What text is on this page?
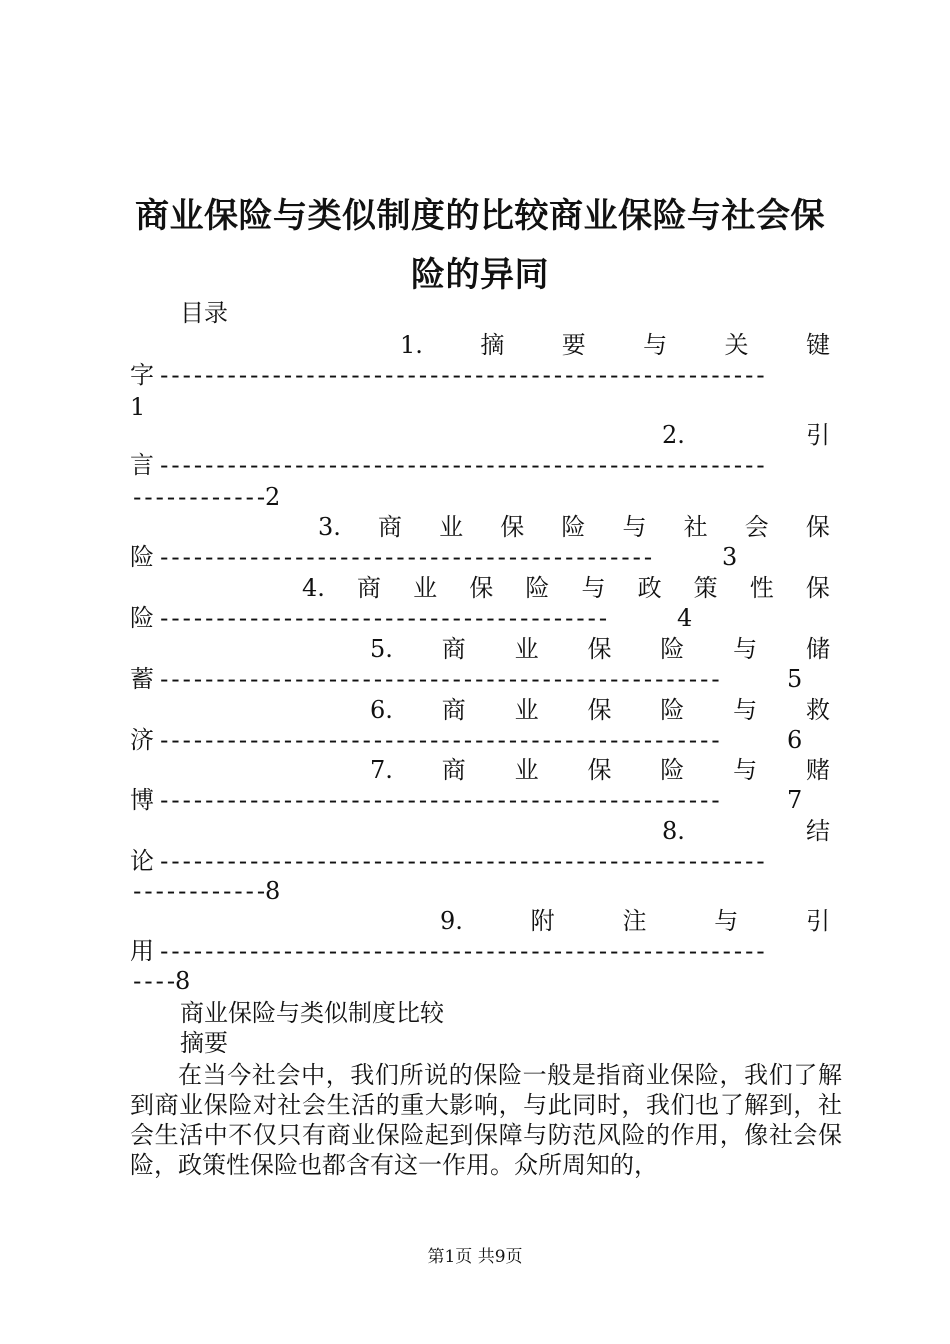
商业保险与类似制度的比较商业保险与社会保
险的异同
目录
1. 摘 要 与 关 键
字 ------------------------------------------------------
1
2.	引
言 ------------------------------------------------------
------------2
3. 商 业 保 险 与 社 会 保
险 --------------------------------------------	3
4. 商 业 保 险 与 政 策 性 保
险 ----------------------------------------	4
5. 商 业 保 险 与 储
蓄 --------------------------------------------------	5
6. 商 业 保 险 与 救
济 --------------------------------------------------	6
7. 商 业 保 险 与 赌
博 --------------------------------------------------	7
8.	结
论 ------------------------------------------------------
------------8
9.	附	注	与	引
用 ------------------------------------------------------
----8
商业保险与类似制度比较
摘要

在当今社会中，我们所说的保险一般是指商业保险，我们了解到商业保险对社会生活的重大影响，与此同时，我们也了解到，社会生活中不仅只有商业保险起到保障与防范风险的作用，像社会保险，政策性保险也都含有这一作用。众所周知的，

第1页 共9页
